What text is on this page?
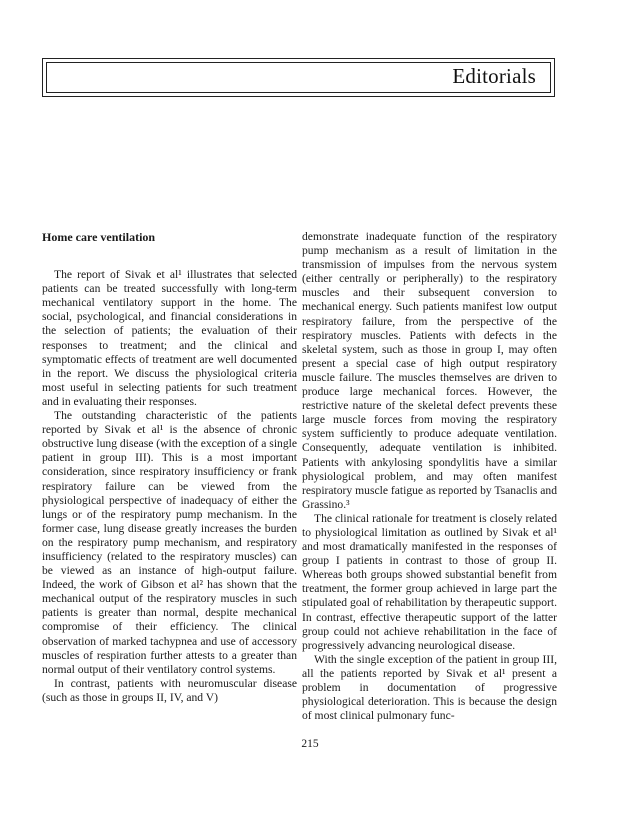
Editorials
Home care ventilation

The report of Sivak et al¹ illustrates that selected patients can be treated successfully with long-term mechanical ventilatory support in the home. The social, psychological, and financial considerations in the selection of patients; the evaluation of their responses to treatment; and the clinical and symptomatic effects of treatment are well documented in the report. We discuss the physiological criteria most useful in selecting patients for such treatment and in evaluating their responses.

The outstanding characteristic of the patients reported by Sivak et al¹ is the absence of chronic obstructive lung disease (with the exception of a single patient in group III). This is a most important consideration, since respiratory insufficiency or frank respiratory failure can be viewed from the physiological perspective of inadequacy of either the lungs or of the respiratory pump mechanism. In the former case, lung disease greatly increases the burden on the respiratory pump mechanism, and respiratory insufficiency (related to the respiratory muscles) can be viewed as an instance of high-output failure. Indeed, the work of Gibson et al² has shown that the mechanical output of the respiratory muscles in such patients is greater than normal, despite mechanical compromise of their efficiency. The clinical observation of marked tachypnea and use of accessory muscles of respiration further attests to a greater than normal output of their ventilatory control systems.

In contrast, patients with neuromuscular disease (such as those in groups II, IV, and V)

demonstrate inadequate function of the respiratory pump mechanism as a result of limitation in the transmission of impulses from the nervous system (either centrally or peripherally) to the respiratory muscles and their subsequent conversion to mechanical energy. Such patients manifest low output respiratory failure, from the perspective of the respiratory muscles. Patients with defects in the skeletal system, such as those in group I, may often present a special case of high output respiratory muscle failure. The muscles themselves are driven to produce large mechanical forces. However, the restrictive nature of the skeletal defect prevents these large muscle forces from moving the respiratory system sufficiently to produce adequate ventilation. Consequently, adequate ventilation is inhibited. Patients with ankylosing spondylitis have a similar physiological problem, and may often manifest respiratory muscle fatigue as reported by Tsanaclis and Grassino.³

The clinical rationale for treatment is closely related to physiological limitation as outlined by Sivak et al¹ and most dramatically manifested in the responses of group I patients in contrast to those of group II. Whereas both groups showed substantial benefit from treatment, the former group achieved in large part the stipulated goal of rehabilitation by therapeutic support. In contrast, effective therapeutic support of the latter group could not achieve rehabilitation in the face of progressively advancing neurological disease.

With the single exception of the patient in group III, all the patients reported by Sivak et al¹ present a problem in documentation of progressive physiological deterioration. This is because the design of most clinical pulmonary func-

215
